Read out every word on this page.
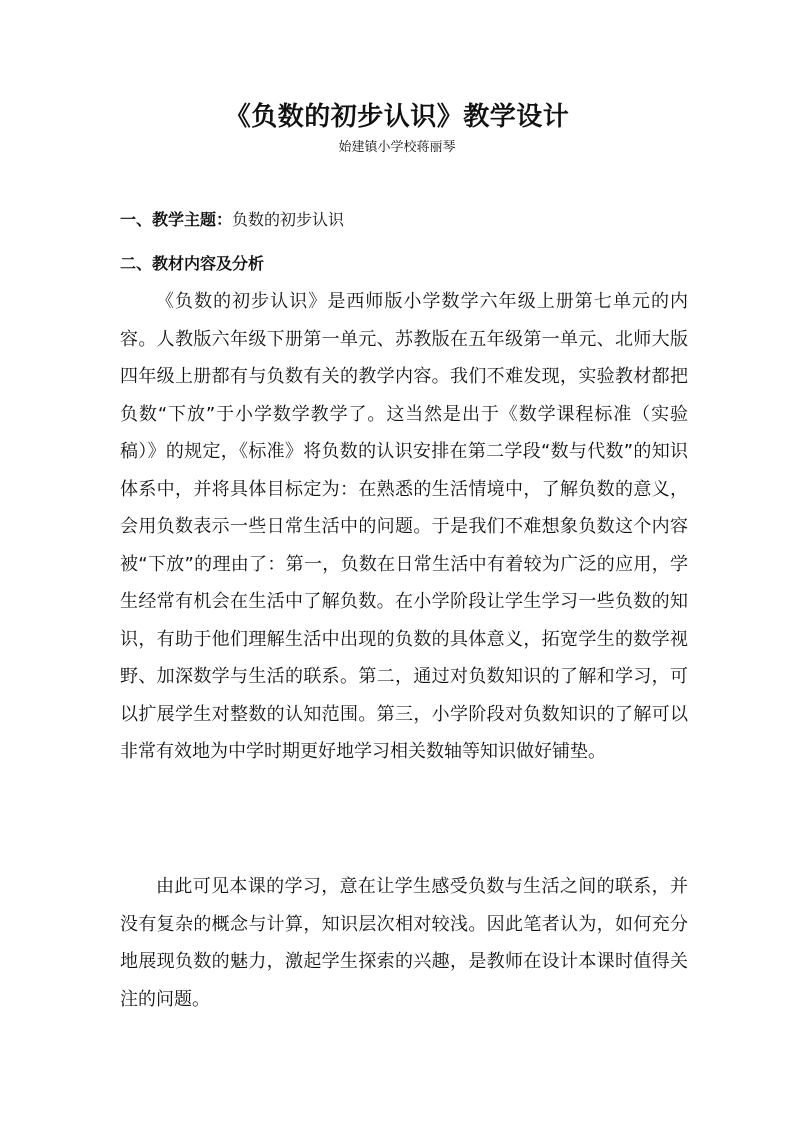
《负数的初步认识》教学设计
始建镇小学校蒋丽琴
一、教学主题：负数的初步认识
二、教材内容及分析

《负数的初步认识》是西师版小学数学六年级上册第七单元的内容。人教版六年级下册第一单元、苏教版在五年级第一单元、北师大版四年级上册都有与负数有关的教学内容。我们不难发现，实验教材都把负数“下放”于小学数学教学了。这当然是出于《数学课程标准（实验稿）》的规定，《标准》将负数的认识安排在第二学段“数与代数”的知识体系中，并将具体目标定为：在熟悉的生活情境中，了解负数的意义，会用负数表示一些日常生活中的问题。于是我们不难想象负数这个内容被“下放”的理由了：第一，负数在日常生活中有着较为广泛的应用，学生经常有机会在生活中了解负数。在小学阶段让学生学习一些负数的知识，有助于他们理解生活中出现的负数的具体意义，拓宽学生的数学视野、加深数学与生活的联系。第二，通过对负数知识的了解和学习，可以扩展学生对整数的认知范围。第三，小学阶段对负数知识的了解可以非常有效地为中学时期更好地学习相关数轴等知识做好铺垫。

由此可见本课的学习，意在让学生感受负数与生活之间的联系，并没有复杂的概念与计算，知识层次相对较浅。因此笔者认为，如何充分地展现负数的魅力，激起学生探索的兴趣，是教师在设计本课时值得关注的问题。
